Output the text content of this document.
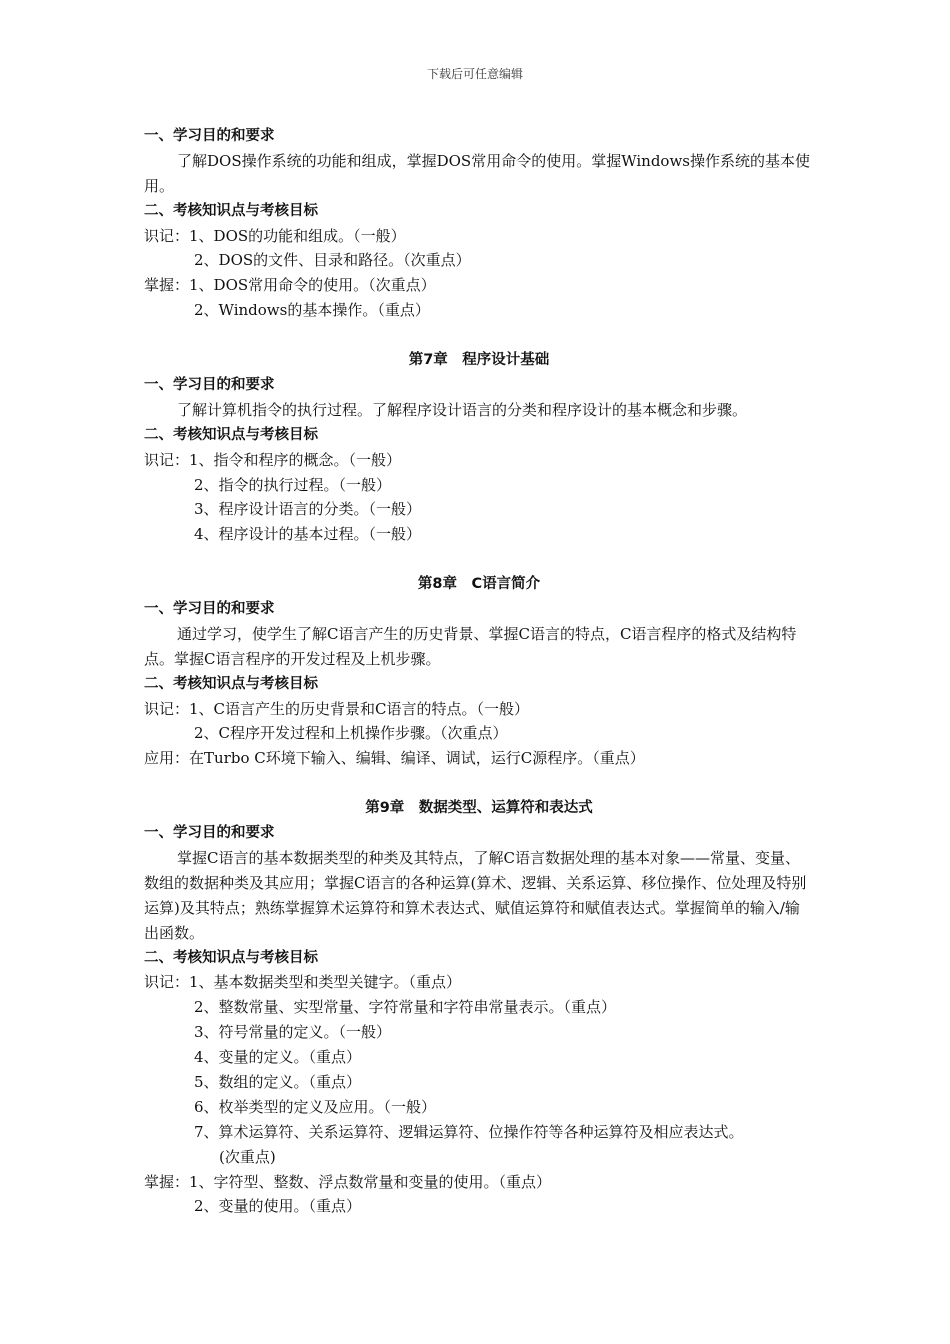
下载后可任意编辑
一、学习目的和要求
了解DOS操作系统的功能和组成，掌握DOS常用命令的使用。掌握Windows操作系统的基本使用。
二、考核知识点与考核目标
识记：1、DOS的功能和组成。（一般）
2、DOS的文件、目录和路径。（次重点）
掌握：1、DOS常用命令的使用。（次重点）
2、Windows的基本操作。（重点）
第7章　程序设计基础
一、学习目的和要求
了解计算机指令的执行过程。了解程序设计语言的分类和程序设计的基本概念和步骤。
二、考核知识点与考核目标
识记：1、指令和程序的概念。（一般）
2、指令的执行过程。（一般）
3、程序设计语言的分类。（一般）
4、程序设计的基本过程。（一般）
第8章　C语言简介
一、学习目的和要求
通过学习，使学生了解C语言产生的历史背景、掌握C语言的特点，C语言程序的格式及结构特点。掌握C语言程序的开发过程及上机步骤。
二、考核知识点与考核目标
识记：1、C语言产生的历史背景和C语言的特点。（一般）
2、C程序开发过程和上机操作步骤。（次重点）
应用：在Turbo C环境下输入、编辑、编译、调试，运行C源程序。（重点）
第9章　数据类型、运算符和表达式
一、学习目的和要求
掌握C语言的基本数据类型的种类及其特点，了解C语言数据处理的基本对象——常量、变量、数组的数据种类及其应用；掌握C语言的各种运算(算术、逻辑、关系运算、移位操作、位处理及特别运算)及其特点；熟练掌握算术运算符和算术表达式、赋值运算符和赋值表达式。掌握简单的输入/输出函数。
二、考核知识点与考核目标
识记：1、基本数据类型和类型关键字。（重点）
2、整数常量、实型常量、字符常量和字符串常量表示。（重点）
3、符号常量的定义。（一般）
4、变量的定义。（重点）
5、数组的定义。（重点）
6、枚举类型的定义及应用。（一般）
7、算术运算符、关系运算符、逻辑运算符、位操作符等各种运算符及相应表达式。
(次重点)
掌握：1、字符型、整数、浮点数常量和变量的使用。（重点）
2、变量的使用。（重点）
